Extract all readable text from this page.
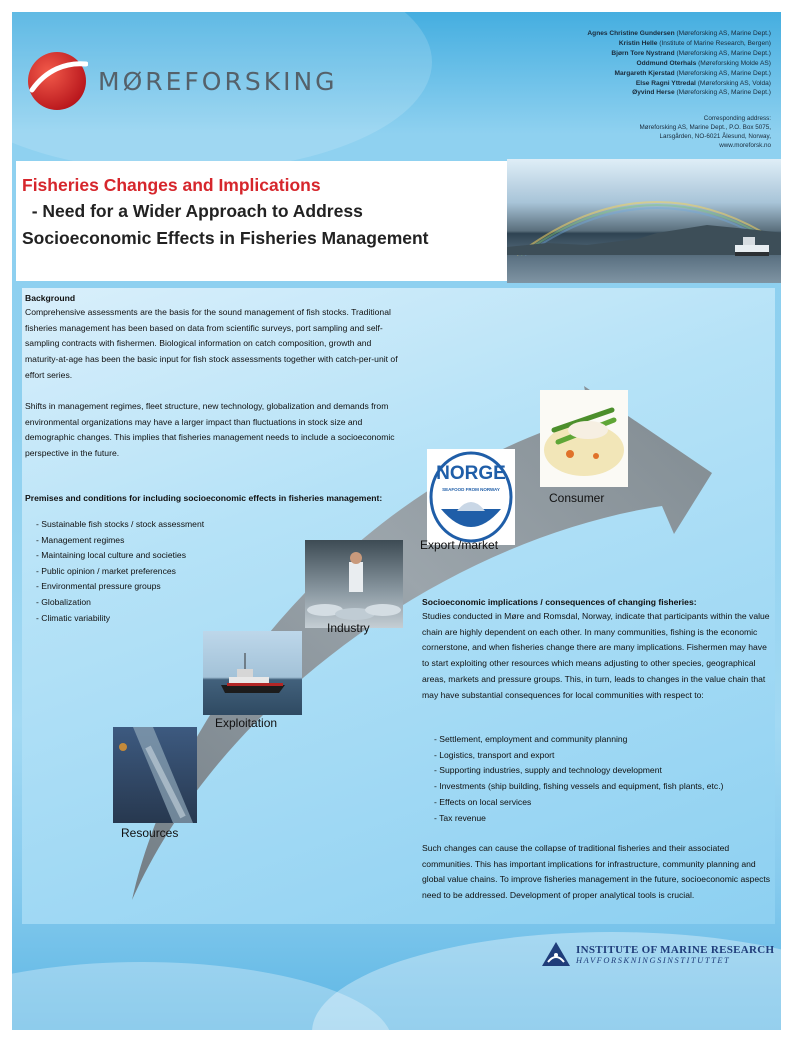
MØREFORSKING
Agnes Christine Gundersen (Møreforsking AS, Marine Dept.)
Kristin Helle (Institute of Marine Research, Bergen)
Bjørn Tore Nystrand (Møreforsking AS, Marine Dept.)
Oddmund Oterhals (Møreforsking Molde AS)
Margareth Kjerstad (Møreforsking AS, Marine Dept.)
Else Ragni Yttredal (Møreforsking AS, Volda)
Øyvind Herse (Møreforsking AS, Marine Dept.)
Corresponding address:
Møreforsking AS, Marine Dept., P.O. Box 5075,
Larsgården, NO-6021 Ålesund, Norway,
www.moreforsk.no
Fisheries Changes and Implications
- Need for a Wider Approach to Address
Socioeconomic Effects in Fisheries Management
Background
Comprehensive assessments are the basis for the sound management of fish stocks. Traditional fisheries management has been based on data from scientific surveys, port sampling and self-sampling contracts with fishermen. Biological information on catch composition, growth and maturity-at-age has been the basic input for fish stock assessments together with catch-per-unit of effort series.
Shifts in management regimes, fleet structure, new technology, globalization and demands from environmental organizations may have a larger impact than fluctuations in stock size and demographic changes. This implies that fisheries management needs to include a socioeconomic perspective in the future.
Premises and conditions for including socioeconomic effects in fisheries management:
- Sustainable fish stocks / stock assessment
- Management regimes
- Maintaining local culture and societies
- Public opinion / market preferences
- Environmental pressure groups
- Globalization
- Climatic variability
Resources
Exploitation
Industry
NORGE
SEAFOOD FROM NORWAY
Export /market
Consumer
Socioeconomic implications / consequences of changing fisheries:
Studies conducted in Møre and Romsdal, Norway, indicate that participants within the value chain are highly dependent on each other. In many communities, fishing is the economic cornerstone, and when fisheries change there are many implications. Fishermen may have to start exploiting other resources which means adjusting to other species, geographical areas, markets and pressure groups. This, in turn, leads to changes in the value chain that may have substantial consequences for local communities with respect to:
- Settlement, employment and community planning
- Logistics, transport and export
- Supporting industries, supply and technology development
- Investments (ship building, fishing vessels and equipment, fish plants, etc.)
- Effects on local services
- Tax revenue
Such changes can cause the collapse of traditional fisheries and their associated communities. This has important implications for infrastructure, community planning and global value chains. To improve fisheries management in the future, socioeconomic aspects need to be addressed. Development of proper analytical tools is crucial.
INSTITUTE OF MARINE RESEARCH
HAVFORSKNINGSINSTITUTTET
